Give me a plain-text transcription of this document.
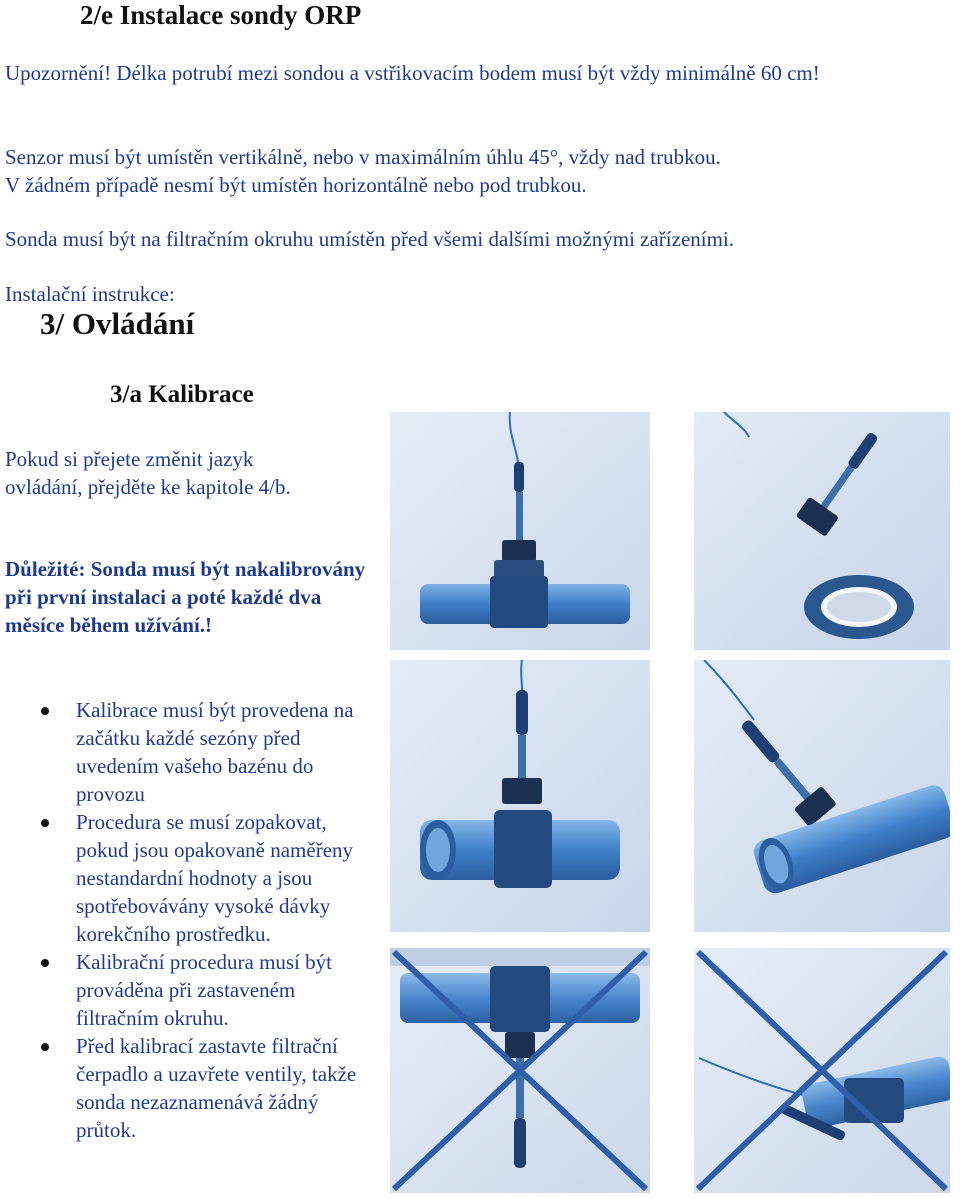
2/e Instalace sondy ORP
Upozornění! Délka potrubí mezi sondou a vstřikovacím bodem musí být vždy minimálně 60 cm!
Senzor musí být umístěn vertikálně, nebo v maximálním úhlu 45°, vždy nad trubkou.
V žádném případě nesmí být umístěn horizontálně nebo pod trubkou.
Sonda musí být na filtračním okruhu umístěn před všemi dalšími možnými zařízeními.
Instalační instrukce:
3/ Ovládání
3/a Kalibrace
Pokud si přejete změnit jazyk ovládání, přejděte ke kapitole 4/b.
Důležité: Sonda musí být nakalibrovány při první instalaci a poté každé dva měsíce během užívání.!
Kalibrace musí být provedena na začátku každé sezóny před uvedením vašeho bazénu do provozu
Procedura se musí zopakovat, pokud jsou opakovaně naměřeny nestandardní hodnoty a jsou spotřebovávány vysoké dávky korekčního prostředku.
Kalibrační procedura musí být prováděna při zastaveném filtračním okruhu.
Před kalibrací zastavte filtrační čerpadlo a uzavřete ventily, takže sonda nezaznamenává žádný průtok.
